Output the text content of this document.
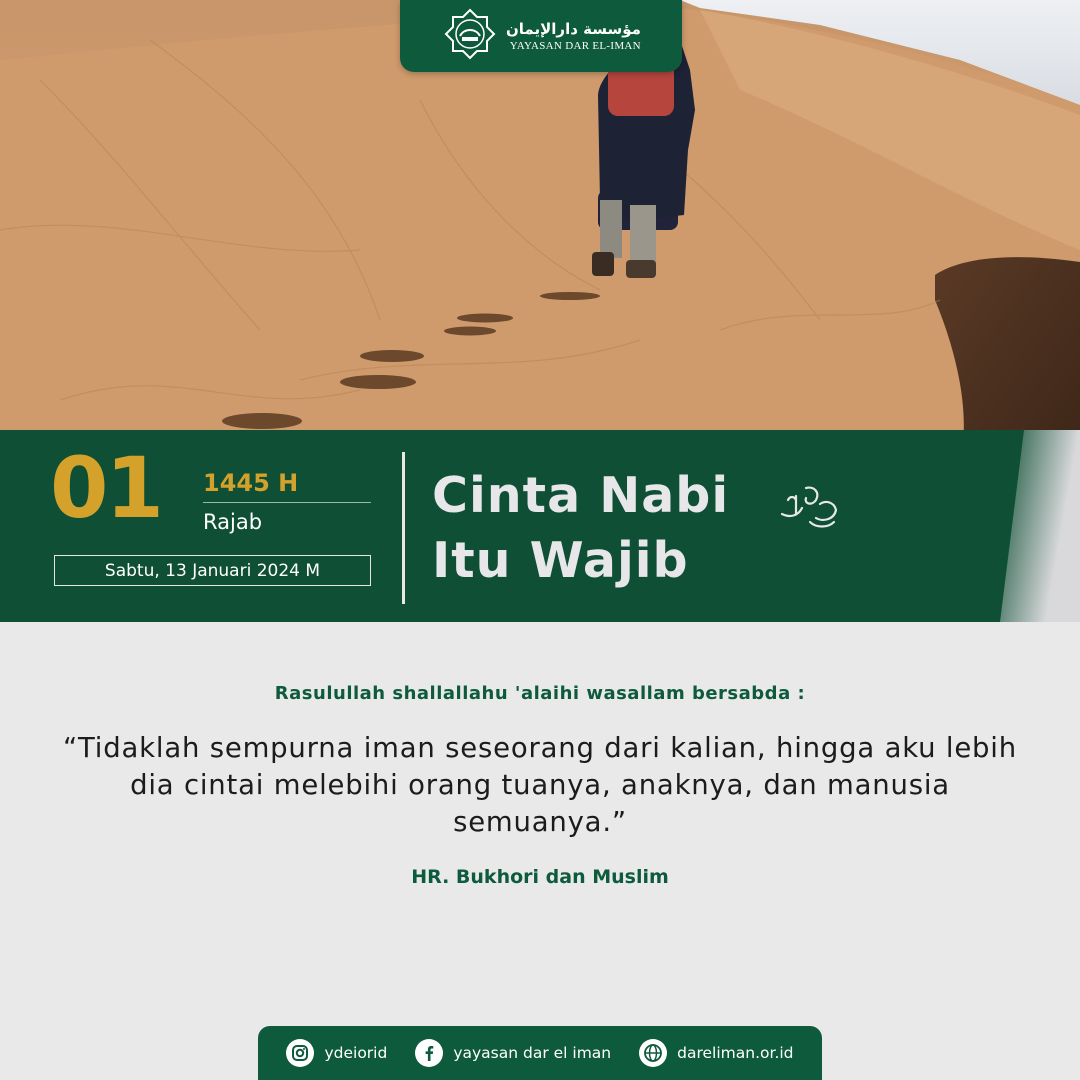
مؤسسة دارالإيمان
YAYASAN DAR EL-IMAN
01 1445 H
Rajab
Sabtu, 13 Januari 2024 M
Cinta Nabi
Itu Wajib
Rasulullah shallallahu 'alaihi wasallam bersabda :
“Tidaklah sempurna iman seseorang dari kalian, hingga aku lebih dia cintai melebihi orang tuanya, anaknya, dan manusia semuanya.”
HR. Bukhori dan Muslim
ydeiorid	yayasan dar el iman	dareliman.or.id
